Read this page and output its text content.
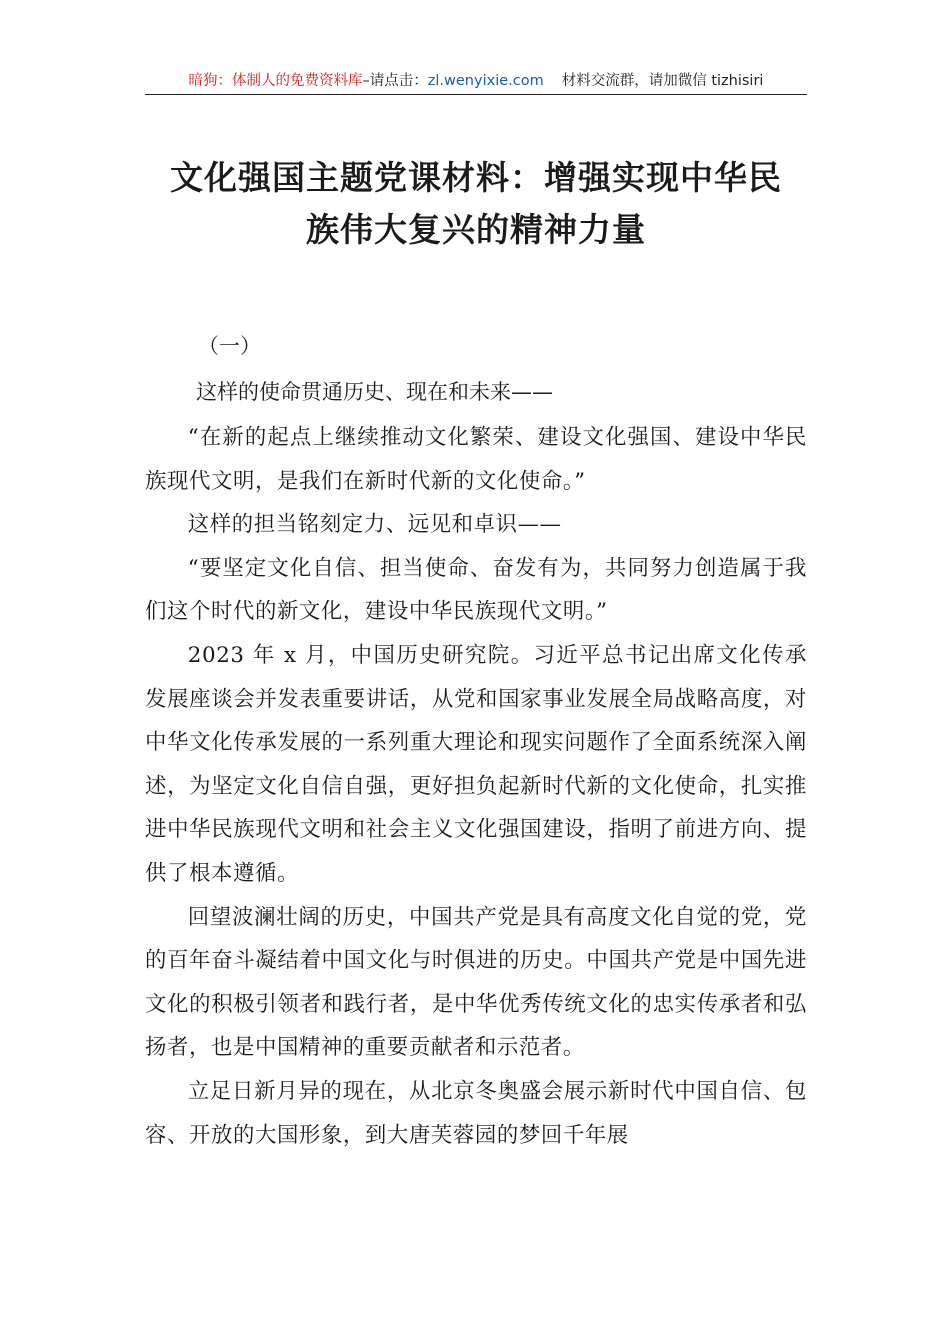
暗狗：体制人的免费资料库–请点击：zl.wenyixie.com 材料交流群，请加微信 tizhisiri
文化强国主题党课材料：增强实现中华民
族伟大复兴的精神力量
（一）
这样的使命贯通历史、现在和未来——

“在新的起点上继续推动文化繁荣、建设文化强国、建设中华民族现代文明，是我们在新时代新的文化使命。”

这样的担当铭刻定力、远见和卓识——

“要坚定文化自信、担当使命、奋发有为，共同努力创造属于我们这个时代的新文化，建设中华民族现代文明。”

2023 年 x 月，中国历史研究院。习近平总书记出席文化传承发展座谈会并发表重要讲话，从党和国家事业发展全局战略高度，对中华文化传承发展的一系列重大理论和现实问题作了全面系统深入阐述，为坚定文化自信自强，更好担负起新时代新的文化使命，扎实推进中华民族现代文明和社会主义文化强国建设，指明了前进方向、提供了根本遵循。

回望波澜壮阔的历史，中国共产党是具有高度文化自觉的党，党的百年奋斗凝结着中国文化与时俱进的历史。中国共产党是中国先进文化的积极引领者和践行者，是中华优秀传统文化的忠实传承者和弘扬者，也是中国精神的重要贡献者和示范者。

立足日新月异的现在，从北京冬奥盛会展示新时代中国自信、包容、开放的大国形象，到大唐芙蓉园的梦回千年展
